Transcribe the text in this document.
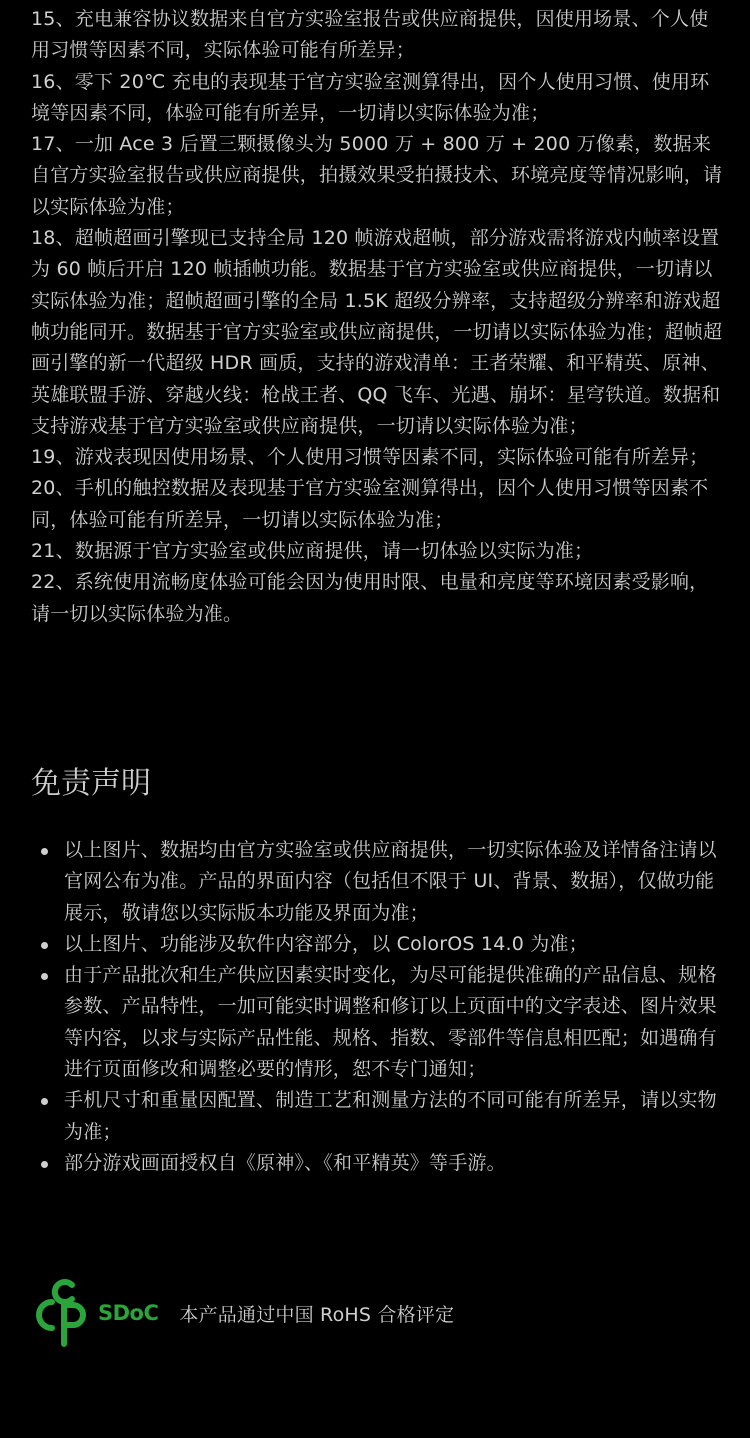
15、充电兼容协议数据来自官方实验室报告或供应商提供，因使用场景、个人使用习惯等因素不同，实际体验可能有所差异；

16、零下 20℃ 充电的表现基于官方实验室测算得出，因个人使用习惯、使用环境等因素不同，体验可能有所差异，一切请以实际体验为准；

17、一加 Ace 3 后置三颗摄像头为 5000 万 + 800 万 + 200 万像素，数据来自官方实验室报告或供应商提供，拍摄效果受拍摄技术、环境亮度等情况影响，请以实际体验为准；

18、超帧超画引擎现已支持全局 120 帧游戏超帧，部分游戏需将游戏内帧率设置为 60 帧后开启 120 帧插帧功能。数据基于官方实验室或供应商提供，一切请以实际体验为准；超帧超画引擎的全局 1.5K 超级分辨率，支持超级分辨率和游戏超帧功能同开。数据基于官方实验室或供应商提供，一切请以实际体验为准；超帧超画引擎的新一代超级 HDR 画质，支持的游戏清单：王者荣耀、和平精英、原神、英雄联盟手游、穿越火线：枪战王者、QQ 飞车、光遇、崩坏：星穹铁道。数据和支持游戏基于官方实验室或供应商提供，一切请以实际体验为准；

19、游戏表现因使用场景、个人使用习惯等因素不同，实际体验可能有所差异；

20、手机的触控数据及表现基于官方实验室测算得出，因个人使用习惯等因素不同，体验可能有所差异，一切请以实际体验为准；

21、数据源于官方实验室或供应商提供，请一切体验以实际为准；

22、系统使用流畅度体验可能会因为使用时限、电量和亮度等环境因素受影响，请一切以实际体验为准。

免责声明
以上图片、数据均由官方实验室或供应商提供，一切实际体验及详情备注请以官网公布为准。产品的界面内容（包括但不限于 UI、背景、数据），仅做功能展示，敬请您以实际版本功能及界面为准；
以上图片、功能涉及软件内容部分，以 ColorOS 14.0 为准；
由于产品批次和生产供应因素实时变化，为尽可能提供准确的产品信息、规格参数、产品特性，一加可能实时调整和修订以上页面中的文字表述、图片效果等内容，以求与实际产品性能、规格、指数、零部件等信息相匹配；如遇确有进行页面修改和调整必要的情形，恕不专门通知；
手机尺寸和重量因配置、制造工艺和测量方法的不同可能有所差异，请以实物为准；
部分游戏画面授权自《原神》、《和平精英》等手游。
SDoC 本产品通过中国 RoHS 合格评定
